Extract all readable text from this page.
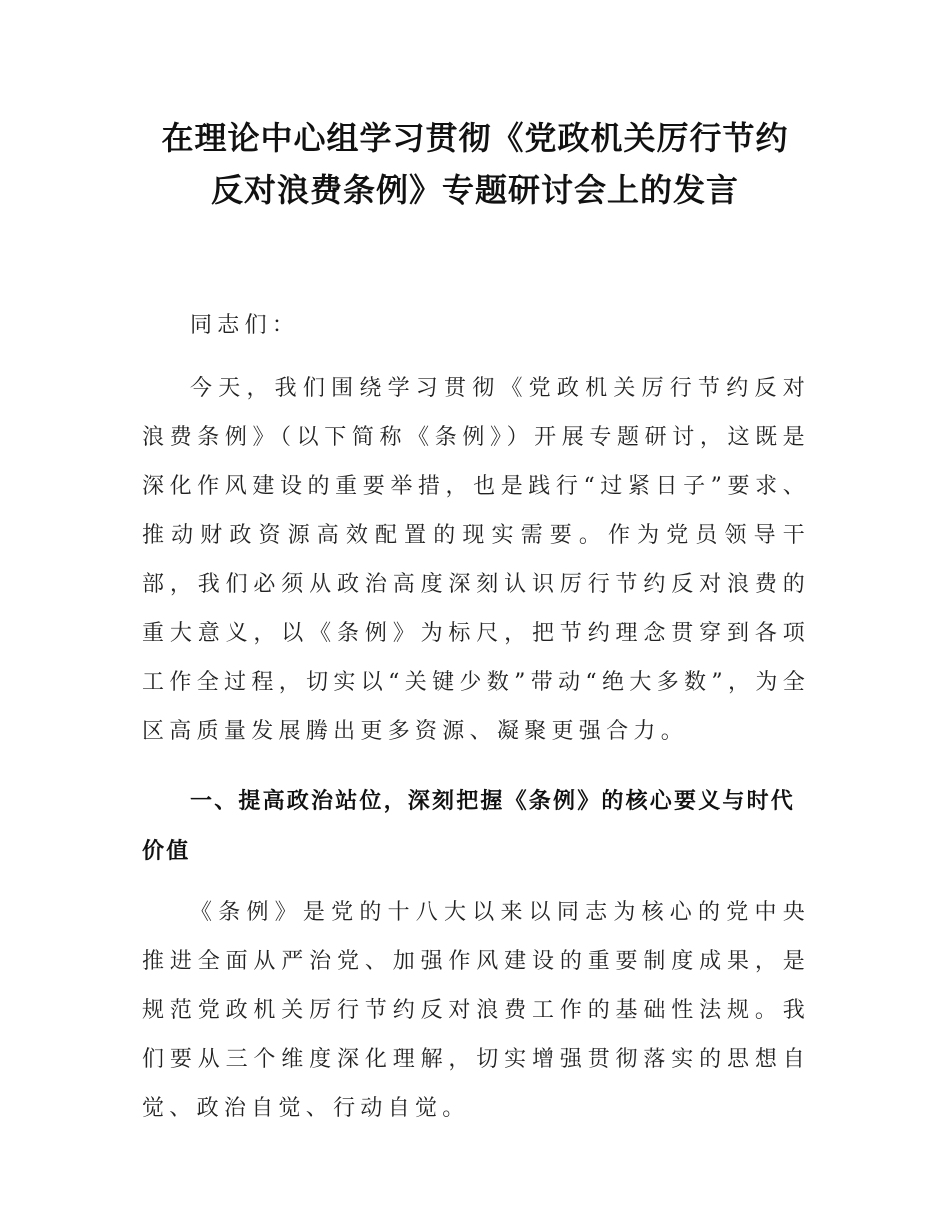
在理论中心组学习贯彻《党政机关厉行节约
反对浪费条例》专题研讨会上的发言

同志们：

今天，我们围绕学习贯彻《党政机关厉行节约反对浪费条例》（以下简称《条例》）开展专题研讨，这既是深化作风建设的重要举措，也是践行“过紧日子”要求、推动财政资源高效配置的现实需要。作为党员领导干部，我们必须从政治高度深刻认识厉行节约反对浪费的重大意义，以《条例》为标尺，把节约理念贯穿到各项工作全过程，切实以“关键少数”带动“绝大多数”，为全区高质量发展腾出更多资源、凝聚更强合力。

一、提高政治站位，深刻把握《条例》的核心要义与时代价值

《条例》是党的十八大以来以同志为核心的党中央推进全面从严治党、加强作风建设的重要制度成果，是规范党政机关厉行节约反对浪费工作的基础性法规。我们要从三个维度深化理解，切实增强贯彻落实的思想自觉、政治自觉、行动自觉。
